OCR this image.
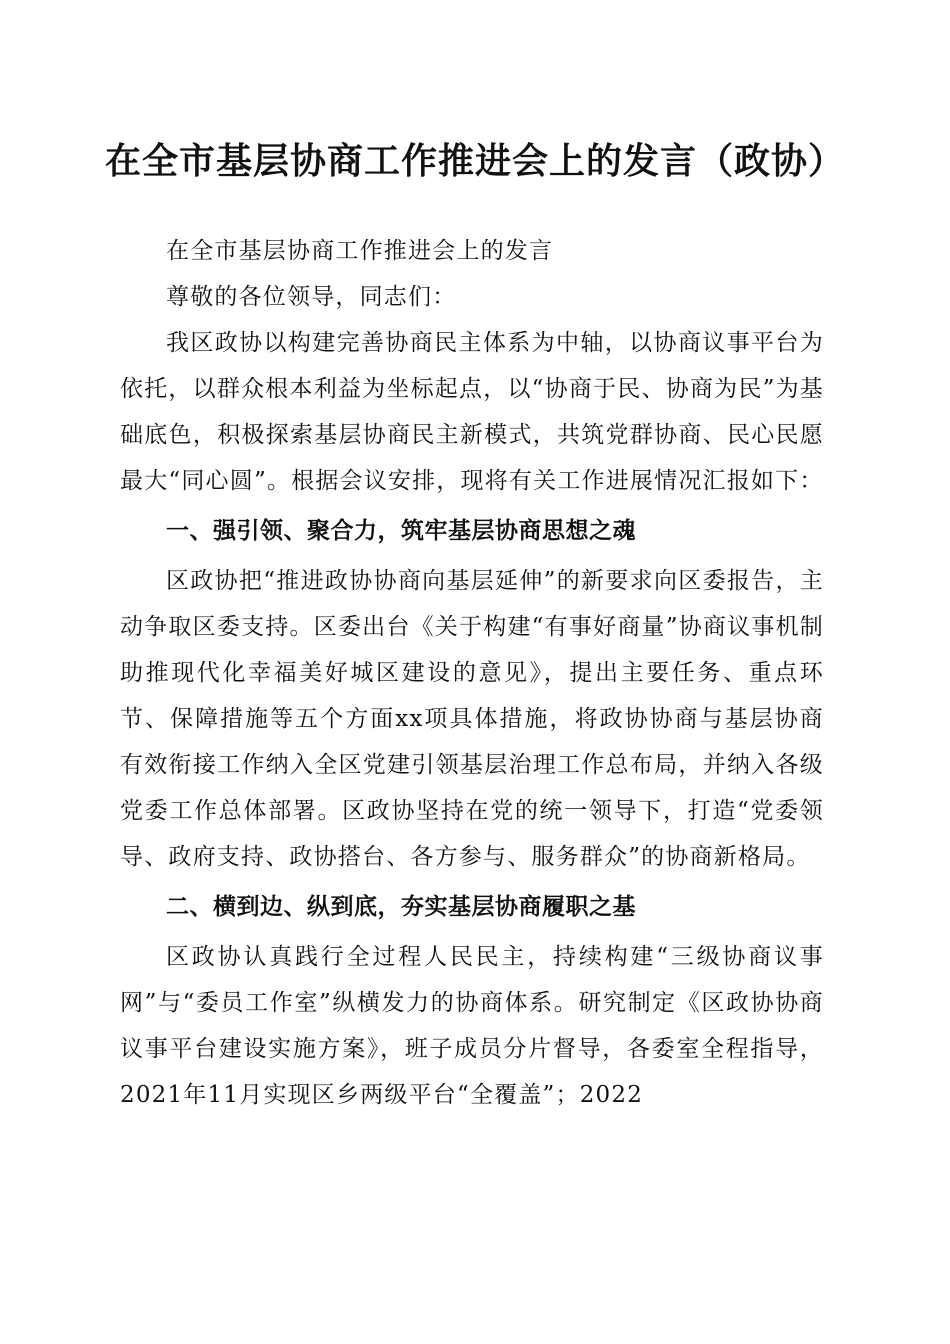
在全市基层协商工作推进会上的发言（政协）

在全市基层协商工作推进会上的发言

尊敬的各位领导，同志们：

我区政协以构建完善协商民主体系为中轴，以协商议事平台为依托，以群众根本利益为坐标起点，以“协商于民、协商为民”为基础底色，积极探索基层协商民主新模式，共筑党群协商、民心民愿最大“同心圆”。根据会议安排，现将有关工作进展情况汇报如下：

一、强引领、聚合力，筑牢基层协商思想之魂

区政协把“推进政协协商向基层延伸”的新要求向区委报告，主动争取区委支持。区委出台《关于构建“有事好商量”协商议事机制助推现代化幸福美好城区建设的意见》，提出主要任务、重点环节、保障措施等五个方面xx项具体措施，将政协协商与基层协商有效衔接工作纳入全区党建引领基层治理工作总布局，并纳入各级党委工作总体部署。区政协坚持在党的统一领导下，打造“党委领导、政府支持、政协搭台、各方参与、服务群众”的协商新格局。

二、横到边、纵到底，夯实基层协商履职之基

区政协认真践行全过程人民民主，持续构建“三级协商议事网”与“委员工作室”纵横发力的协商体系。研究制定《区政协协商议事平台建设实施方案》，班子成员分片督导，各委室全程指导，2021年11月实现区乡两级平台“全覆盖”；2022
